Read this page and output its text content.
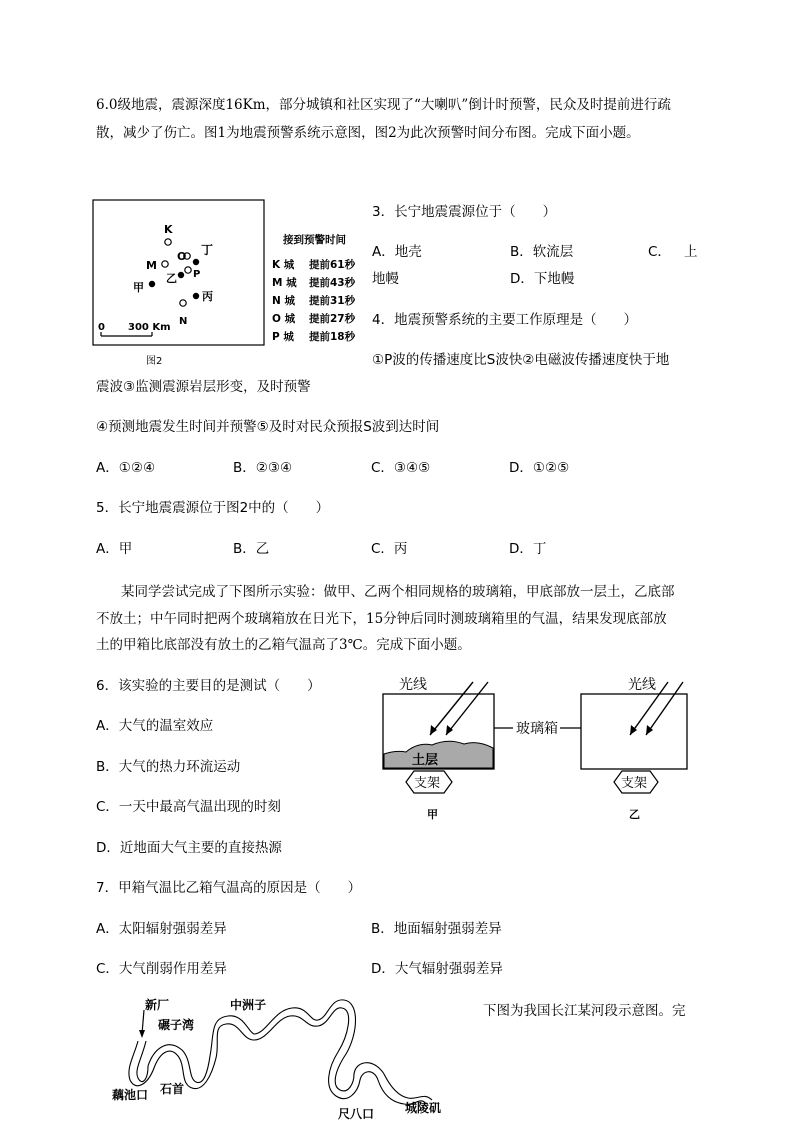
6.0级地震，震源深度16Km，部分城镇和社区实现了“大喇叭”倒计时预警，民众及时提前进行疏
散，减少了伤亡。图1为地震预警系统示意图，图2为此次预警时间分布图。完成下面小题。
K
M
O 丁
乙 P
甲
丙
N
0 300 Km
接到预警时间
K 城 提前61秒
M 城 提前43秒
N 城 提前31秒
O 城 提前27秒
P 城 提前18秒
图2
3．长宁地震震源位于（　　）
A．地壳	B．软流层	C． 上
地幔	D．下地幔
4．地震预警系统的主要工作原理是（　　）
①P波的传播速度比S波快②电磁波传播速度快于地
震波③监测震源岩层形变，及时预警
④预测地震发生时间并预警⑤及时对民众预报S波到达时间
A．①②④	B．②③④	C．③④⑤	D．①②⑤
5．长宁地震震源位于图2中的（　　）
A．甲	B．乙	C．丙	D．丁
某同学尝试完成了下图所示实验：做甲、乙两个相同规格的玻璃箱，甲底部放一层土，乙底部
不放土；中午同时把两个玻璃箱放在日光下，15分钟后同时测玻璃箱里的气温，结果发现底部放
土的甲箱比底部没有放土的乙箱气温高了3℃。完成下面小题。
土层
光线
支架
甲
玻璃箱
光线
支架
乙
6．该实验的主要目的是测试（　　）
A．大气的温室效应
B．大气的热力环流运动
C．一天中最高气温出现的时刻
D．近地面大气主要的直接热源
7．甲箱气温比乙箱气温高的原因是（　　）
A．太阳辐射强弱差异	B．地面辐射强弱差异
C．大气削弱作用差异	D．大气辐射强弱差异
下图为我国长江某河段示意图。完
新厂
碾子湾
中洲子
藕池口 石首
尺八口	城陵矶
